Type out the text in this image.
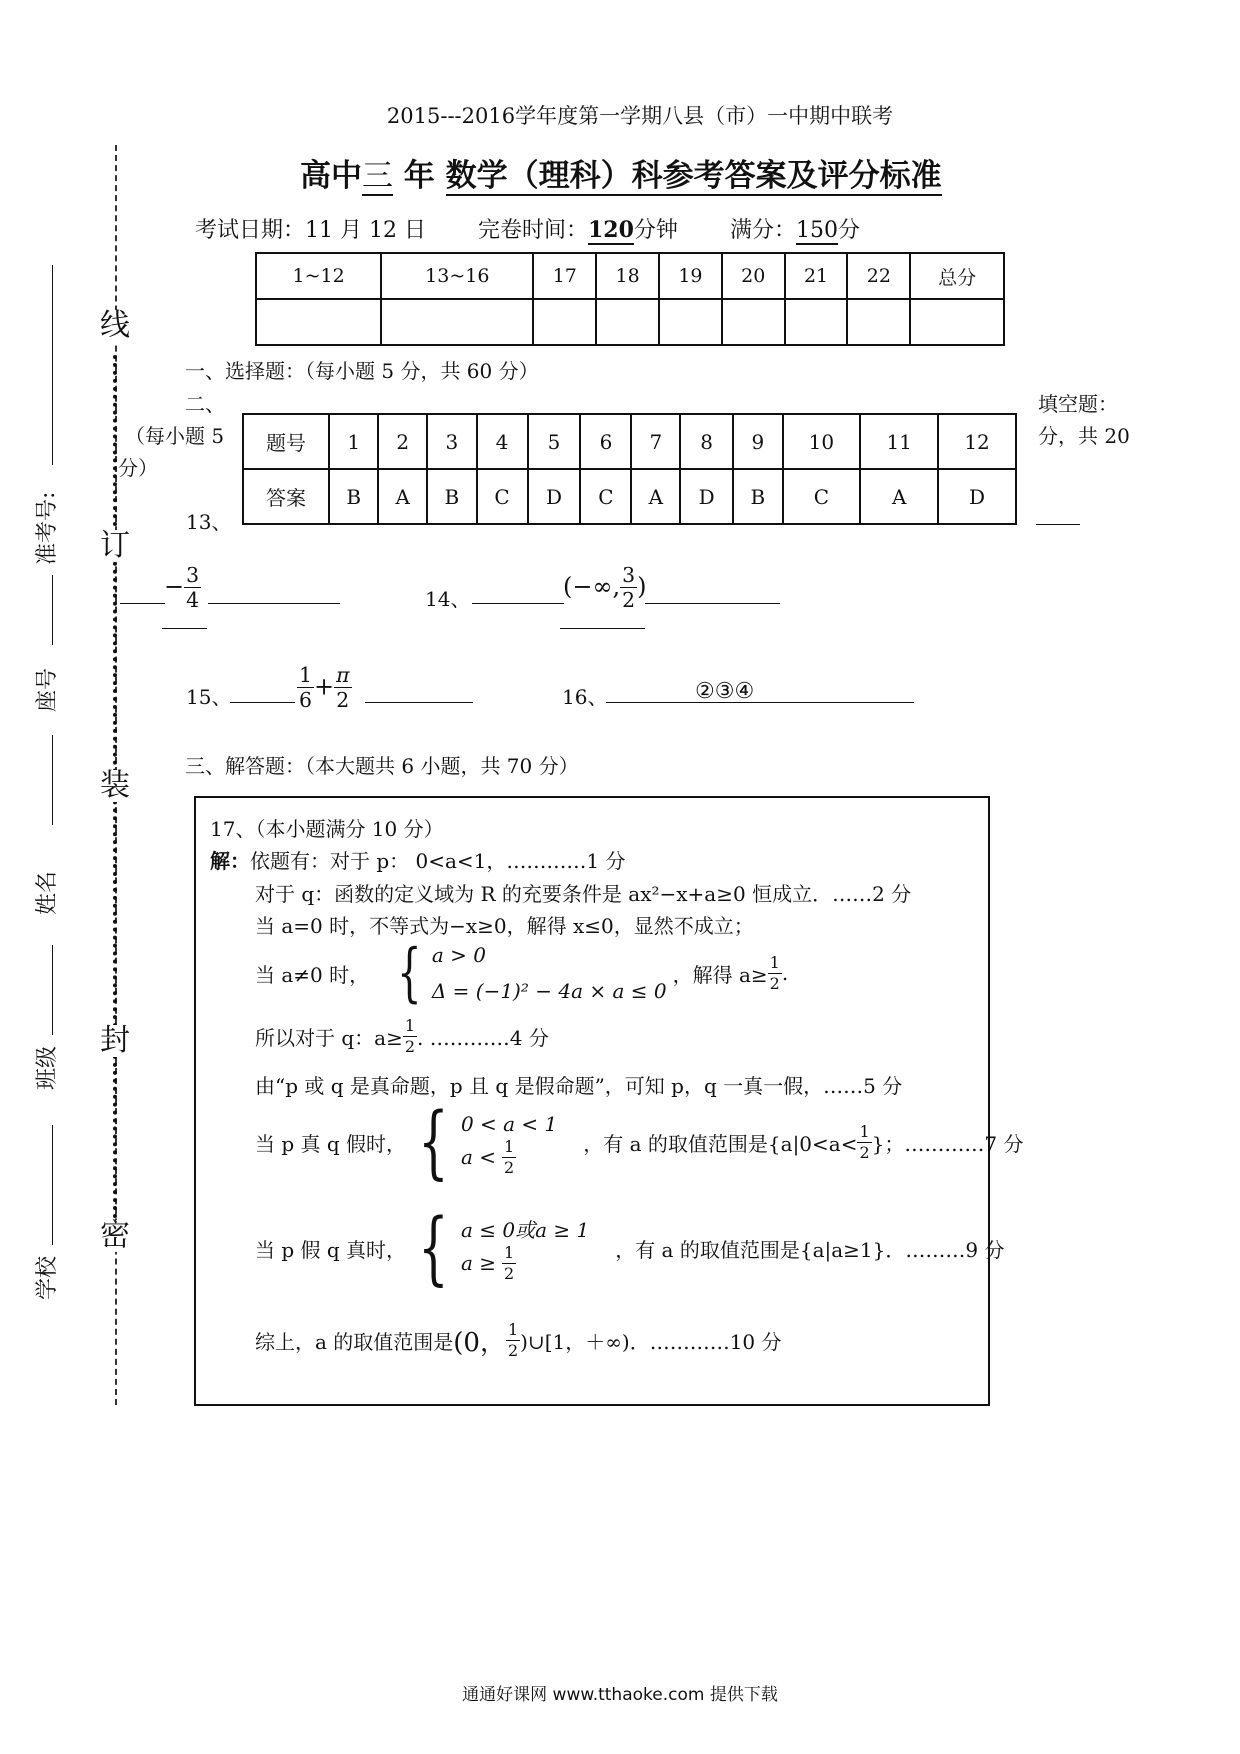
线
订
装
封
密
准考号:
座号
姓名
班级
学校
2015---2016学年度第一学期八县（市）一中期中联考
高中三 年 数学（理科）科参考答案及评分标准
考试日期：11 月 12 日 完卷时间：120分钟 满分：150分
1~12	13~16	17	18	19	20	21	22	总分

一、选择题：（每小题 5 分，共 60 分）
二、
（每小题 5
分）
填空题：
分，共 20
13、
题号	1	2	3	4	5	6	7	8	9	10	11	12
答案	B	A	B	C	D	C	A	D	B	C	A	D
− $\frac{3}{4}$	14、	(−∞, $\frac{3}{2}$ )
15、	$\frac{1}{6} + \frac{\pi}{2}$	16、	②③④
三、解答题：（本大题共 6 小题，共 70 分）
17、（本小题满分 10 分）
解：依题有：对于 p： 0<a<1，…………1 分
对于 q：函数的定义域为 R 的充要条件是 ax²−x+a≥0 恒成立．……2 分
当 a=0 时，不等式为−x≥0，解得 x≤0，显然不成立；
当 a≠0 时， { a > 0
Δ = (−1)² − 4a × a ≤ 0
，解得 $a\ge \frac{1}{2}$ .
所以对于 q：$a\ge \frac{1}{2}$ . …………4 分
由“p 或 q 是真命题，p 且 q 是假命题”，可知 p，q 一真一假，……5 分
当 p 真 q 假时， { 0 < a < 1
$a < \frac{1}{2}$	，有 a 的取值范围是{$a|0<a< \frac{1}{2}$ }；…………7 分
当 p 假 q 真时， { a ≤ 0或a ≥ 1
$a \ge \frac{1}{2}$	，有 a 的取值范围是{a|a≥1}．………9 分
综上，a 的取值范围是 (0， $\frac{1}{2}$ )∪[1，＋∞)．…………10 分
通通好课网 www.tthaoke.com 提供下载
